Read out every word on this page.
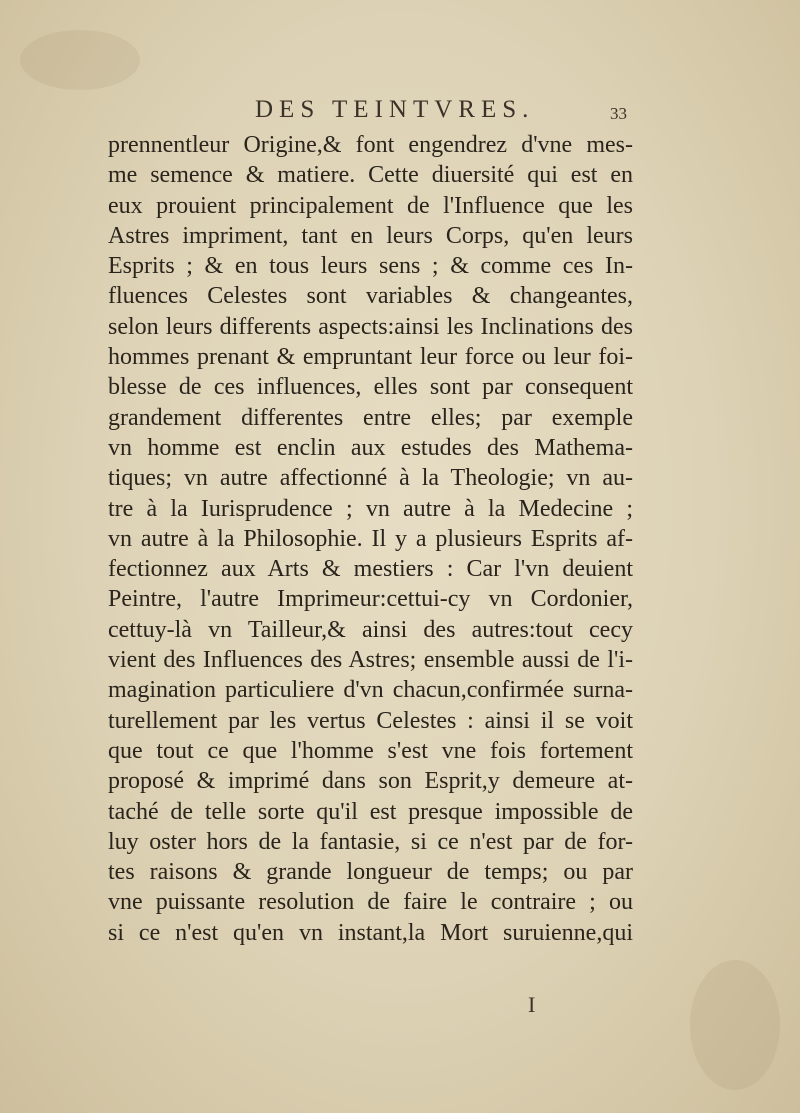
DES TEINTVRES.	33
prennentleur Origine,& font engendrez d'vne mes-
me semence & matiere. Cette diuersité qui est en
eux prouient principalement de l'Influence que les
Astres impriment, tant en leurs Corps, qu'en leurs
Esprits ; & en tous leurs sens ; & comme ces In-
fluences Celestes sont variables & changeantes,
selon leurs differents aspects:ainsi les Inclinations des
hommes prenant & empruntant leur force ou leur foi-
blesse de ces influences, elles sont par consequent
grandement differentes entre elles; par exemple
vn homme est enclin aux estudes des Mathema-
tiques; vn autre affectionné à la Theologie; vn au-
tre à la Iurisprudence ; vn autre à la Medecine ;
vn autre à la Philosophie. Il y a plusieurs Esprits af-
fectionnez aux Arts & mestiers : Car l'vn deuient
Peintre, l'autre Imprimeur:cettui-cy vn Cordonier,
cettuy-là vn Tailleur,& ainsi des autres:tout cecy
vient des Influences des Astres; ensemble aussi de l'i-
magination particuliere d'vn chacun,confirmée surna-
turellement par les vertus Celestes : ainsi il se voit
que tout ce que l'homme s'est vne fois fortement
proposé & imprimé dans son Esprit,y demeure at-
taché de telle sorte qu'il est presque impossible de
luy oster hors de la fantasie, si ce n'est par de for-
tes raisons & grande longueur de temps; ou par
vne puissante resolution de faire le contraire ; ou
si ce n'est qu'en vn instant,la Mort suruienne,qui
I
